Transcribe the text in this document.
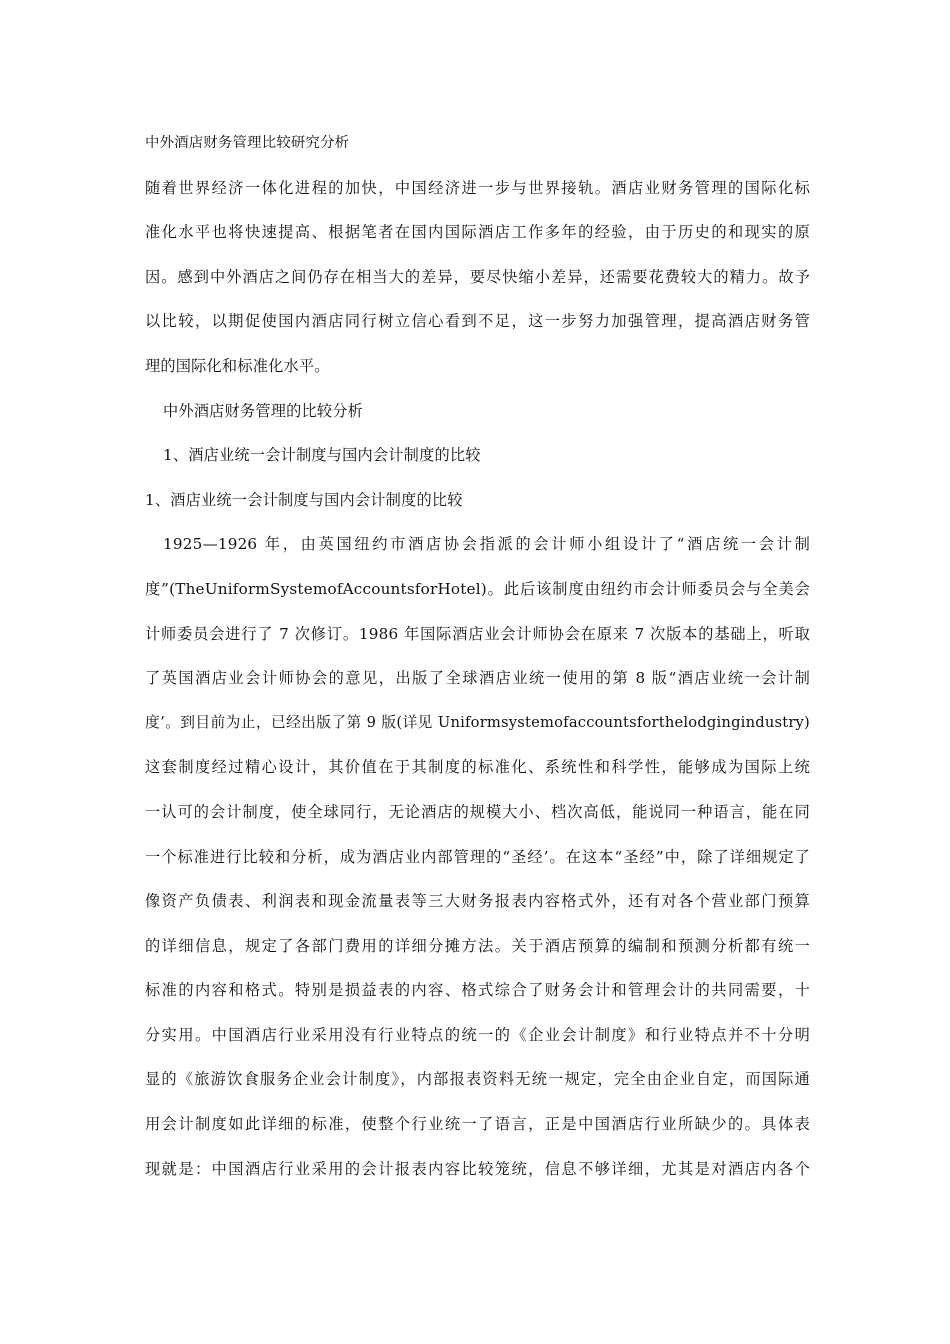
中外酒店财务管理比较研究分析
随着世界经济一体化进程的加快，中国经济进一步与世界接轨。酒店业财务管理的国际化标
准化水平也将快速提高、根据笔者在国内国际酒店工作多年的经验，由于历史的和现实的原
因。感到中外酒店之间仍存在相当大的差异，要尽快缩小差异，还需要花费较大的精力。故予
以比较，以期促使国内酒店同行树立信心看到不足，这一步努力加强管理，提高酒店财务管
理的国际化和标准化水平。
中外酒店财务管理的比较分析
1、酒店业统一会计制度与国内会计制度的比较
1、酒店业统一会计制度与国内会计制度的比较
1925—1926 年，由英国纽约市酒店协会指派的会计师小组设计了“酒店统一会计制
度”(TheUniformSystemofAccountsforHotel)。此后该制度由纽约市会计师委员会与全美会
计师委员会进行了 7 次修订。1986 年国际酒店业会计师协会在原来 7 次版本的基础上，听取
了英国酒店业会计师协会的意见，出版了全球酒店业统一使用的第 8 版“酒店业统一会计制
度’。到目前为止，已经出版了第 9 版(详见 Uniformsystemofaccountsforthelodgingindustry)
这套制度经过精心设计，其价值在于其制度的标准化、系统性和科学性，能够成为国际上统
一认可的会计制度，使全球同行，无论酒店的规模大小、档次高低，能说同一种语言，能在同
一个标准进行比较和分析，成为酒店业内部管理的“圣经’。在这本“圣经”中，除了详细规定了
像资产负债表、利润表和现金流量表等三大财务报表内容格式外，还有对各个营业部门预算
的详细信息，规定了各部门费用的详细分摊方法。关于酒店预算的编制和预测分析都有统一
标准的内容和格式。特别是损益表的内容、格式综合了财务会计和管理会计的共同需要，十
分实用。中国酒店行业采用没有行业特点的统一的《企业会计制度》和行业特点并不十分明
显的《旅游饮食服务企业会计制度》，内部报表资料无统一规定，完全由企业自定，而国际通
用会计制度如此详细的标准，使整个行业统一了语言，正是中国酒店行业所缺少的。具体表
现就是：中国酒店行业采用的会计报表内容比较笼统，信息不够详细，尤其是对酒店内各个
